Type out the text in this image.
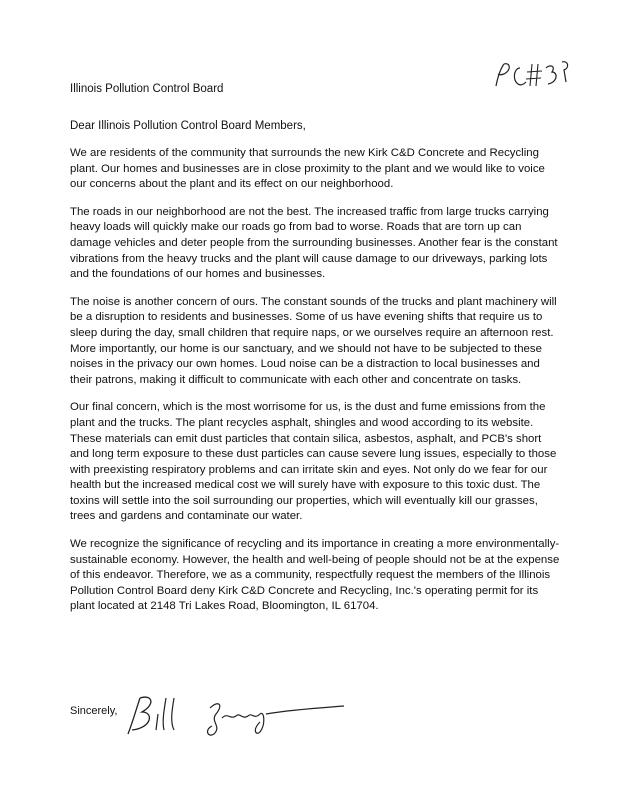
Illinois Pollution Control Board
Dear Illinois Pollution Control Board Members,

We are residents of the community that surrounds the new Kirk C&D Concrete and Recycling plant. Our homes and businesses are in close proximity to the plant and we would like to voice our concerns about the plant and its effect on our neighborhood.

The roads in our neighborhood are not the best. The increased traffic from large trucks carrying heavy loads will quickly make our roads go from bad to worse. Roads that are torn up can damage vehicles and deter people from the surrounding businesses. Another fear is the constant vibrations from the heavy trucks and the plant will cause damage to our driveways, parking lots and the foundations of our homes and businesses.

The noise is another concern of ours. The constant sounds of the trucks and plant machinery will be a disruption to residents and businesses. Some of us have evening shifts that require us to sleep during the day, small children that require naps, or we ourselves require an afternoon rest. More importantly, our home is our sanctuary, and we should not have to be subjected to these noises in the privacy our own homes. Loud noise can be a distraction to local businesses and their patrons, making it difficult to communicate with each other and concentrate on tasks.

Our final concern, which is the most worrisome for us, is the dust and fume emissions from the plant and the trucks. The plant recycles asphalt, shingles and wood according to its website. These materials can emit dust particles that contain silica, asbestos, asphalt, and PCB's short and long term exposure to these dust particles can cause severe lung issues, especially to those with preexisting respiratory problems and can irritate skin and eyes. Not only do we fear for our health but the increased medical cost we will surely have with exposure to this toxic dust. The toxins will settle into the soil surrounding our properties, which will eventually kill our grasses, trees and gardens and contaminate our water.

We recognize the significance of recycling and its importance in creating a more environmentally-sustainable economy. However, the health and well-being of people should not be at the expense of this endeavor. Therefore, we as a community, respectfully request the members of the Illinois Pollution Control Board deny Kirk C&D Concrete and Recycling, Inc.'s operating permit for its plant located at 2148 Tri Lakes Road, Bloomington, IL 61704.

Sincerely,
